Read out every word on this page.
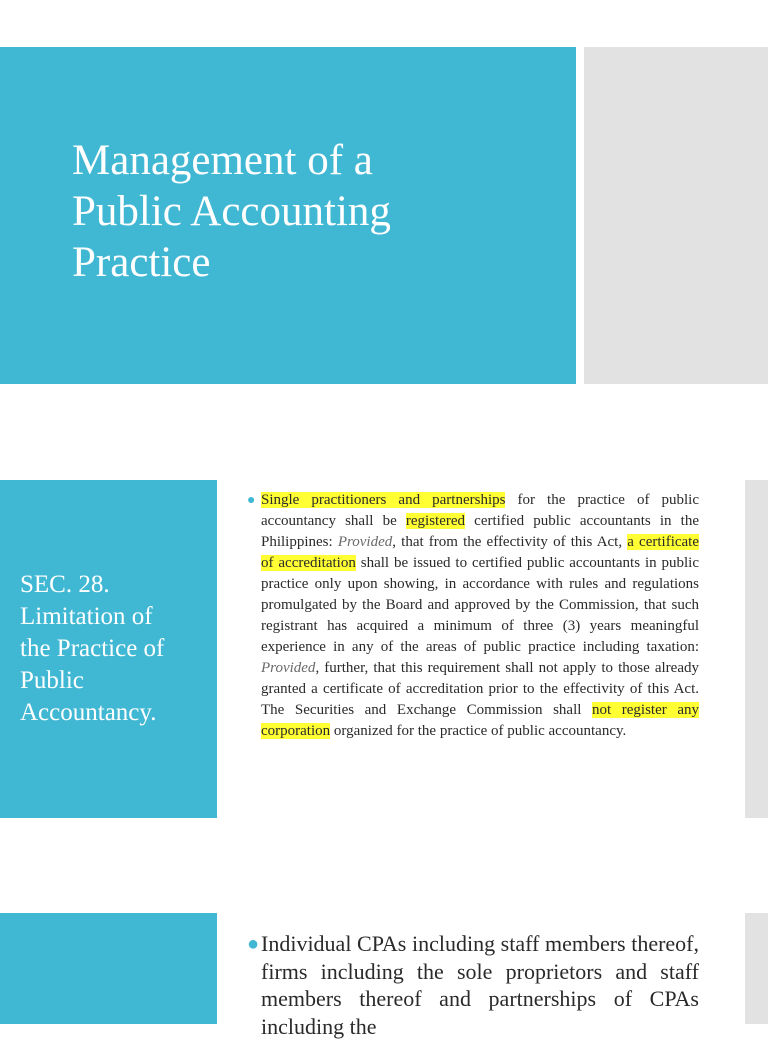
Management of a
Public Accounting
Practice
SEC. 28.
Limitation of
the Practice of
Public
Accountancy.
● Single practitioners and partnerships for the practice of public accountancy shall be registered certified public accountants in the Philippines: Provided, that from the effectivity of this Act, a certificate of accreditation shall be issued to certified public accountants in public practice only upon showing, in accordance with rules and regulations promulgated by the Board and approved by the Commission, that such registrant has acquired a minimum of three (3) years meaningful experience in any of the areas of public practice including taxation: Provided, further, that this requirement shall not apply to those already granted a certificate of accreditation prior to the effectivity of this Act. The Securities and Exchange Commission shall not register any corporation organized for the practice of public accountancy.

● Individual CPAs including staff members thereof, firms including the sole proprietors and staff members thereof and partnerships of CPAs including the
